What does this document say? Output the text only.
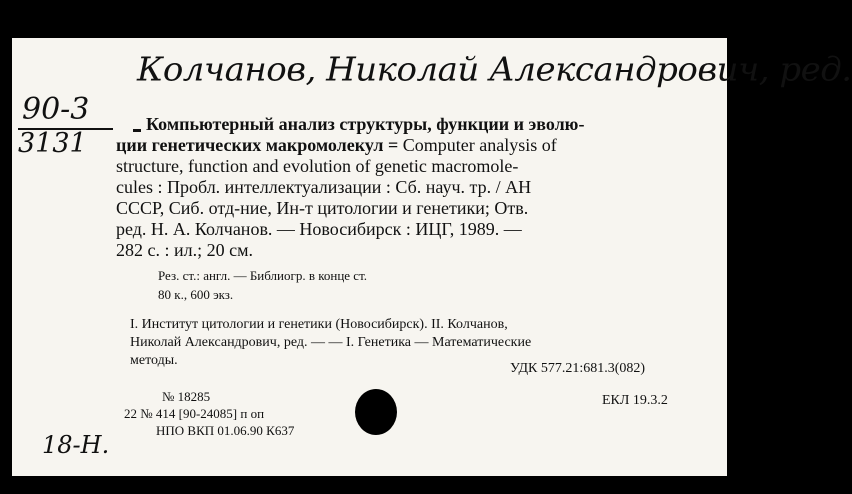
Колчанов, Николай Александрович, ред.
90-3
3131
Компьютерный анализ структуры, функции и эволю-
ции генетических макромолекул = Computer analysis of
structure, function and evolution of genetic macromole-
cules : Пробл. интеллектуализации : Сб. науч. тр. / АН
СССР, Сиб. отд-ние, Ин-т цитологии и генетики; Отв.
ред. Н. А. Колчанов. — Новосибирск : ИЦГ, 1989. —
282 с. : ил.; 20 см.
Рез. ст.: англ. — Библиогр. в конце ст.
80 к., 600 экз.
I. Институт цитологии и генетики (Новосибирск). II. Колчанов,
Николай Александрович, ред. — — I. Генетика — Математические
методы.
УДК 577.21:681.3(082)
№ 18285	ЕКЛ 19.3.2
22 № 414 [90-24085] п оп
НПО ВКП 01.06.90 К637
18-Н.
